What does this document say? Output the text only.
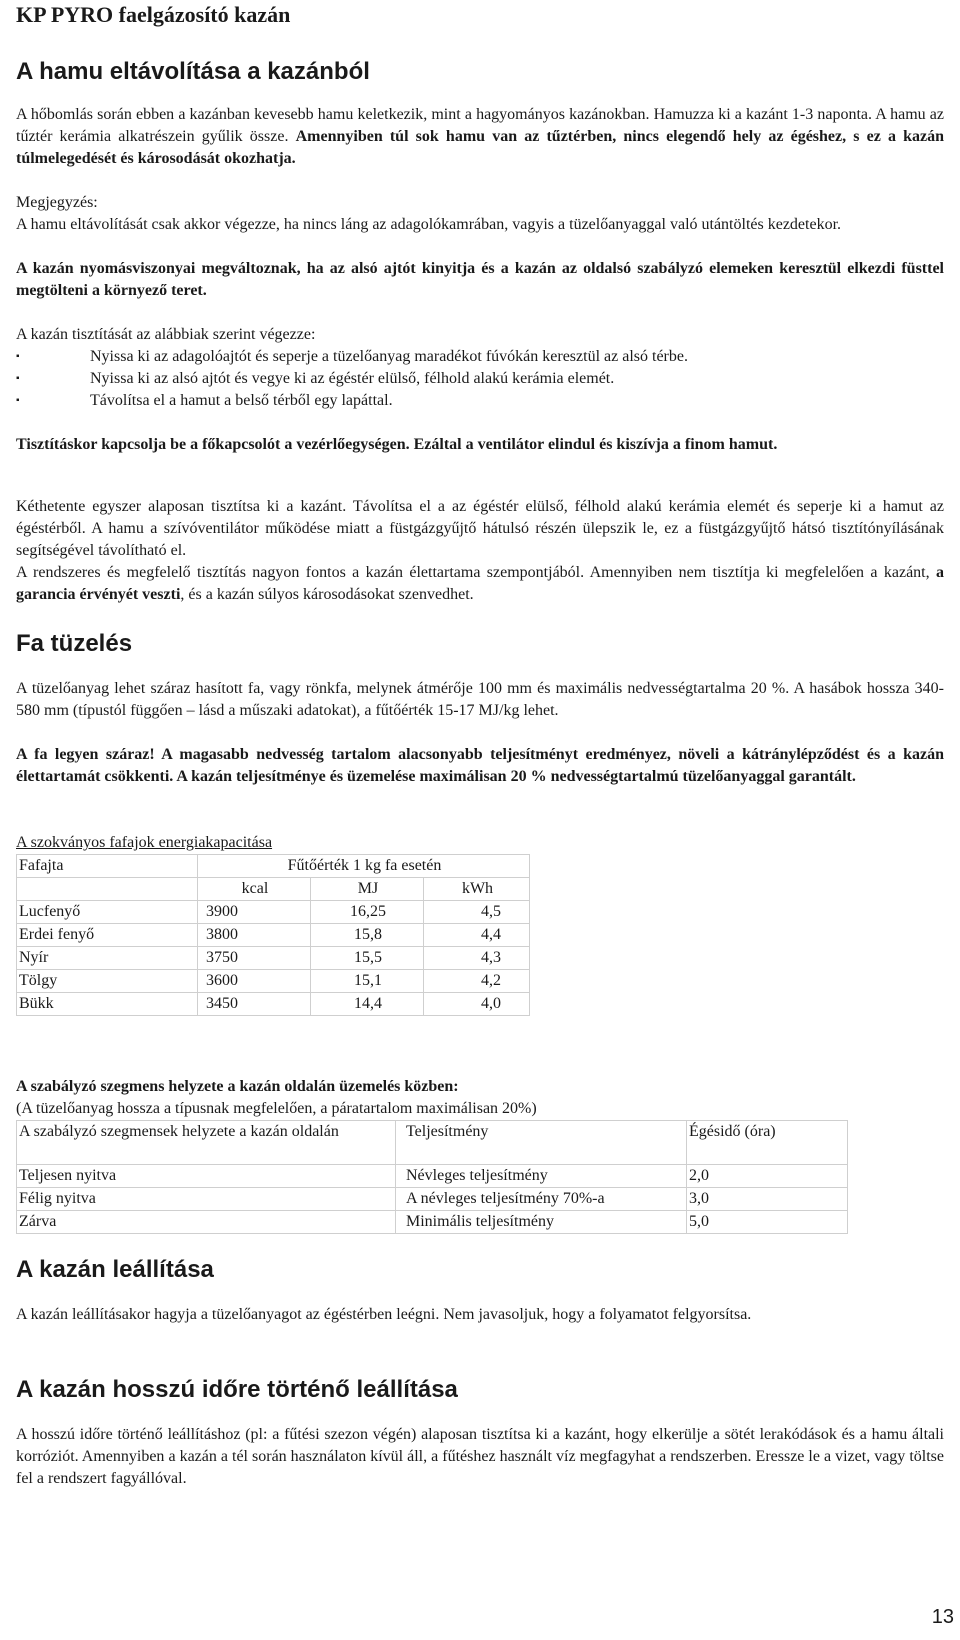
KP PYRO faelgázosító kazán
A hamu eltávolítása a kazánból
A hőbomlás során ebben a kazánban kevesebb hamu keletkezik, mint a hagyományos kazánokban. Hamuzza ki a kazánt 1-3 naponta. A hamu az tűztér kerámia alkatrészein gyűlik össze. Amennyiben túl sok hamu van az tűztérben, nincs elegendő hely az égéshez, s ez a kazán túlmelegedését és károsodását okozhatja.
Megjegyzés:
A hamu eltávolítását csak akkor végezze, ha nincs láng az adagolókamrában, vagyis a tüzelőanyaggal való utántöltés kezdetekor.
A kazán nyomásviszonyai megváltoznak, ha az alsó ajtót kinyitja és a kazán az oldalsó szabályzó elemeken keresztül elkezdi füsttel megtölteni a környező teret.
A kazán tisztítását az alábbiak szerint végezze:
▪	Nyissa ki az adagolóajtót és seperje a tüzelőanyag maradékot fúvókán keresztül az alsó térbe.
▪	Nyissa ki az alsó ajtót és vegye ki az égéstér elülső, félhold alakú kerámia elemét.
▪	Távolítsa el a hamut a belső térből egy lapáttal.
Tisztításkor kapcsolja be a főkapcsolót a vezérlőegységen. Ezáltal a ventilátor elindul és kiszívja a finom hamut.
Kéthetente egyszer alaposan tisztítsa ki a kazánt. Távolítsa el a az égéstér elülső, félhold alakú kerámia elemét és seperje ki a hamut az égéstérből. A hamu a szívóventilátor működése miatt a füstgázgyűjtő hátulsó részén ülepszik le, ez a füstgázgyűjtő hátsó tisztítónyílásának segítségével távolítható el.
A rendszeres és megfelelő tisztítás nagyon fontos a kazán élettartama szempontjából. Amennyiben nem tisztítja ki megfelelően a kazánt, a garancia érvényét veszti, és a kazán súlyos károsodásokat szenvedhet.
Fa tüzelés
A tüzelőanyag lehet száraz hasított fa, vagy rönkfa, melynek átmérője 100 mm és maximális nedvességtartalma 20 %. A hasábok hossza 340-580 mm (típustól függően – lásd a műszaki adatokat), a fűtőérték 15-17 MJ/kg lehet.
A fa legyen száraz! A magasabb nedvesség tartalom alacsonyabb teljesítményt eredményez, növeli a kátránylépződést és a kazán élettartamát csökkenti. A kazán teljesítménye és üzemelése maximálisan 20 % nedvességtartalmú tüzelőanyaggal garantált.
A szokványos fafajok energiakapacitása
Fafajta	Fűtőérték 1 kg fa esetén		
	kcal	MJ	kWh
Lucfenyő	3900	16,25	4,5
Erdei fenyő	3800	15,8	4,4
Nyír	3750	15,5	4,3
Tölgy	3600	15,1	4,2
Bükk	3450	14,4	4,0
A szabályzó szegmens helyzete a kazán oldalán üzemelés közben:
(A tüzelőanyag hossza a típusnak megfelelően, a páratartalom maximálisan 20%)
A szabályzó szegmensek helyzete a kazán oldalán	Teljesítmény	Égésidő (óra)
Teljesen nyitva	Névleges teljesítmény	2,0
Félig nyitva	A névleges teljesítmény 70%-a	3,0
Zárva	Minimális teljesítmény	5,0
A kazán leállítása
A kazán leállításakor hagyja a tüzelőanyagot az égéstérben leégni. Nem javasoljuk, hogy a folyamatot felgyorsítsa.
A kazán hosszú időre történő leállítása
A hosszú időre történő leállításhoz (pl: a fűtési szezon végén) alaposan tisztítsa ki a kazánt, hogy elkerülje a sötét lerakódások és a hamu általi korróziót. Amennyiben a kazán a tél során használaton kívül áll, a fűtéshez használt víz megfagyhat a rendszerben. Eressze le a vizet, vagy töltse fel a rendszert fagyállóval.
13
